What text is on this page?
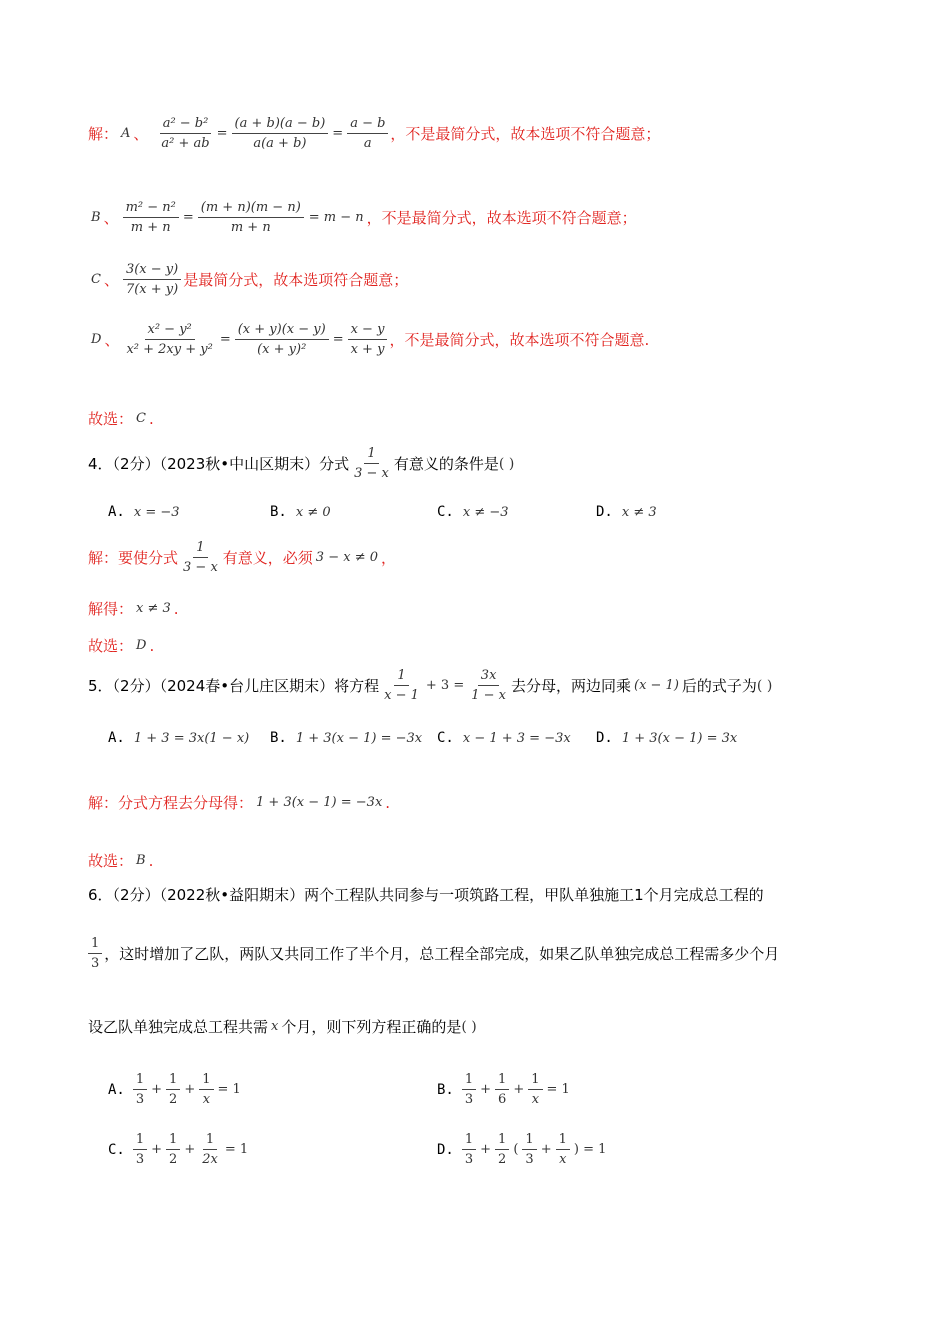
解： A 、 $\frac{\text{a² − b²}}{\text{a² + ab}} = \frac{(a + b)(a - b)}{a(a + b)} = \frac{a - b}{a}$ ，不是最简分式，故本选项不符合题意；
B 、 $\frac{\text{m² − n²}}{m + n} = \frac{(m + n)(m - n)}{m + n} = m - n$ ，不是最简分式，故本选项不符合题意；
C 、 $\frac{3(x - y)}{7(x + y)}$ 是最简分式，故本选项符合题意；
D 、 $\frac{\text{x² − y²}}{\text{x² + 2xy + y²}} = \frac{(x + y)(x - y)}{\text{(x + y)²}} = \frac{x - y}{x + y}$ ，不是最简分式，故本选项不符合题意.
故选： C .
4．（2分）（2023秋•中山区期末）分式 $\frac{1}{3 - x}$ 有意义的条件是 ( )
A. x = −3	B. x ≠ 0	C. x ≠ −3	D. x ≠ 3
解：要使分式 $\frac{1}{3 - x}$ 有意义，必须 3 − x ≠ 0 ，
解得： x ≠ 3 .
故选： D .
5．（2分）（2024春•台儿庄区期末）将方程 $\frac{1}{x - 1} + 3 = \frac{3x}{1 - x}$ 去分母，两边同乘 (x − 1) 后的式子为 ( )
A. 1 + 3 = 3x(1 − x) B. 1 + 3(x − 1) = −3x C. x − 1 + 3 = −3x D. 1 + 3(x − 1) = 3x
解：分式方程去分母得： 1 + 3(x − 1) = −3x .
故选： B .
6．（2分）（2022秋•益阳期末）两个工程队共同参与一项筑路工程，甲队单独施工1个月完成总工程的
$\frac{1}{3}$ ，这时增加了乙队，两队又共同工作了半个月，总工程全部完成，如果乙队单独完成总工程需多少个月
设乙队单独完成总工程共需 x 个月，则下列方程正确的是 ( )
A. $\frac{1}{3} + \frac{1}{2} + \frac{1}{x} = 1$	B. $\frac{1}{3} + \frac{1}{6} + \frac{1}{x} = 1$
C. $\frac{1}{3} + \frac{1}{2} + \frac{1}{2x} = 1$	D. $\frac{1}{3} + \frac{1}{2}$ ( $\frac{1}{3} + \frac{1}{x}$ ) = 1
